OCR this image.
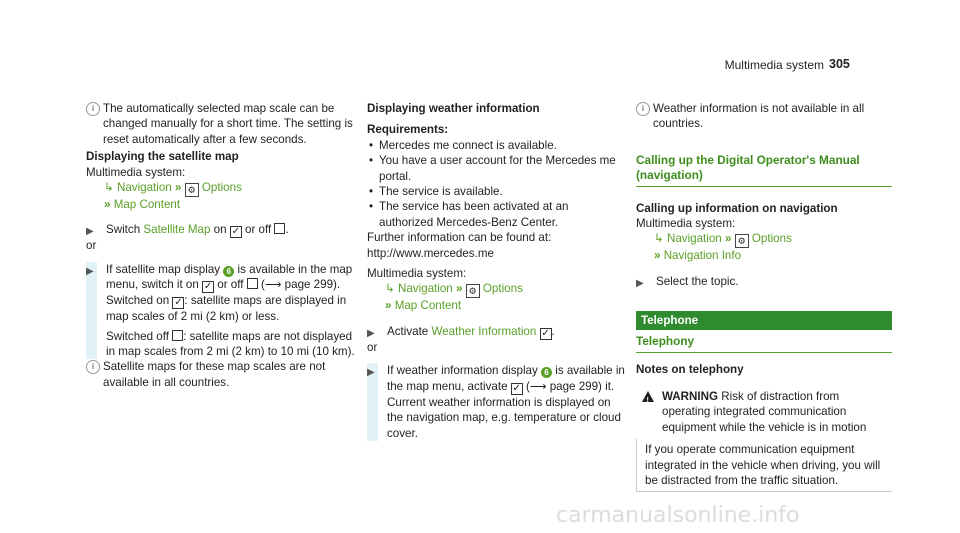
Multimedia system 305
i The automatically selected map scale can be changed manually for a short time. The setting is reset automatically after a few seconds.

Displaying the satellite map

Multimedia system:

↳ Navigation » ⚙ Options
» Map Content
▶ Switch Satellite Map on ✓ or off .

or

▶ If satellite map display 6 is available in the map menu, switch it on ✓ or off  (⟶ page 299).

Switched on ✓ : satellite maps are displayed in map scales of 2 mi (2 km) or less.

Switched off : satellite maps are not displayed in map scales from 2 mi (2 km) to 10 mi (10 km).

i Satellite maps for these map scales are not available in all countries.

Displaying weather information

Requirements:

• Mercedes me connect is available.
• You have a user account for the Mercedes me portal.
• The service is available.
• The service has been activated at an authorized Mercedes-Benz Center.

Further information can be found at: http://www.mercedes.me

Multimedia system:

↳ Navigation » ⚙ Options
» Map Content
▶ Activate Weather Information ✓ .

or

▶ If weather information display 6 is available in the map menu, activate ✓ (⟶ page 299) it.

Current weather information is displayed on the navigation map, e.g. temperature or cloud cover.

i Weather information is not available in all countries.

Calling up the Digital Operator's Manual (navigation)

Calling up information on navigation

Multimedia system:

↳ Navigation » ⚙ Options
» Navigation Info
▶ Select the topic.
Telephone

Telephony

Notes on telephony

!

WARNING Risk of distraction from operating integrated communication equipment while the vehicle is in motion

If you operate communication equipment integrated in the vehicle when driving, you will be distracted from the traffic situation.
carmanualsonline.info
